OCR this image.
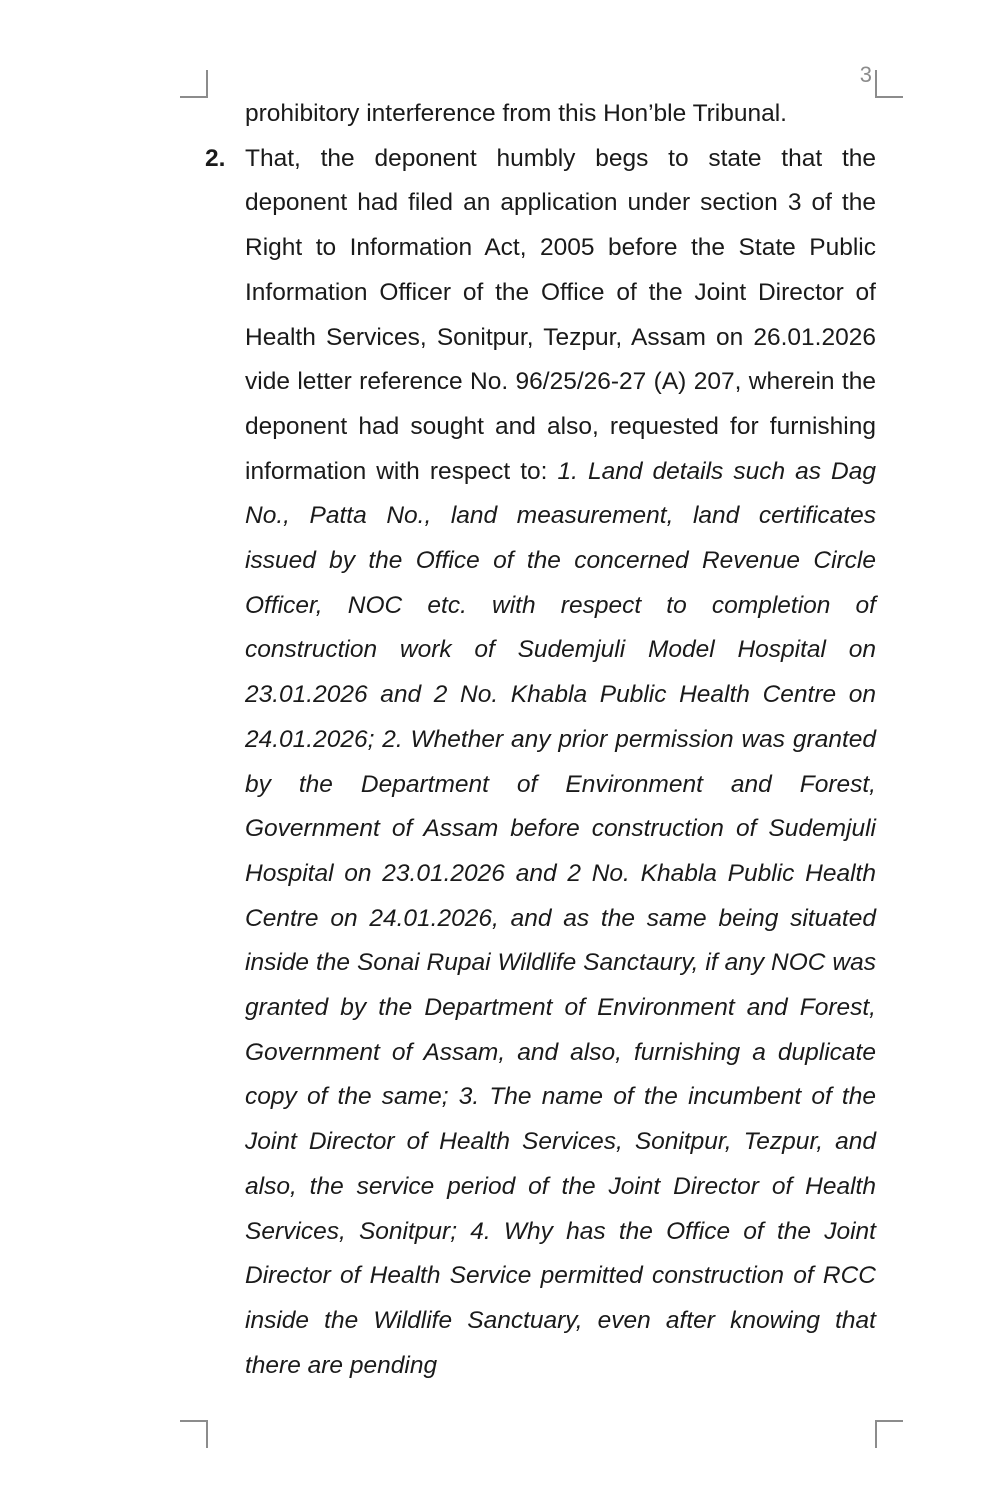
3

prohibitory interference from this Hon’ble Tribunal.

2. That, the deponent humbly begs to state that the deponent had filed an application under section 3 of the Right to Information Act, 2005 before the State Public Information Officer of the Office of the Joint Director of Health Services, Sonitpur, Tezpur, Assam on 26.01.2026 vide letter reference No. 96/25/26-27 (A) 207, wherein the deponent had sought and also, requested for furnishing information with respect to: 1. Land details such as Dag No., Patta No., land measurement, land certificates issued by the Office of the concerned Revenue Circle Officer, NOC etc. with respect to completion of construction work of Sudemjuli Model Hospital on 23.01.2026 and 2 No. Khabla Public Health Centre on 24.01.2026; 2. Whether any prior permission was granted by the Department of Environment and Forest, Government of Assam before construction of Sudemjuli Hospital on 23.01.2026 and 2 No. Khabla Public Health Centre on 24.01.2026, and as the same being situated inside the Sonai Rupai Wildlife Sanctaury, if any NOC was granted by the Department of Environment and Forest, Government of Assam, and also, furnishing a duplicate copy of the same; 3. The name of the incumbent of the Joint Director of Health Services, Sonitpur, Tezpur, and also, the service period of the Joint Director of Health Services, Sonitpur; 4. Why has the Office of the Joint Director of Health Service permitted construction of RCC inside the Wildlife Sanctuary, even after knowing that there are pending
